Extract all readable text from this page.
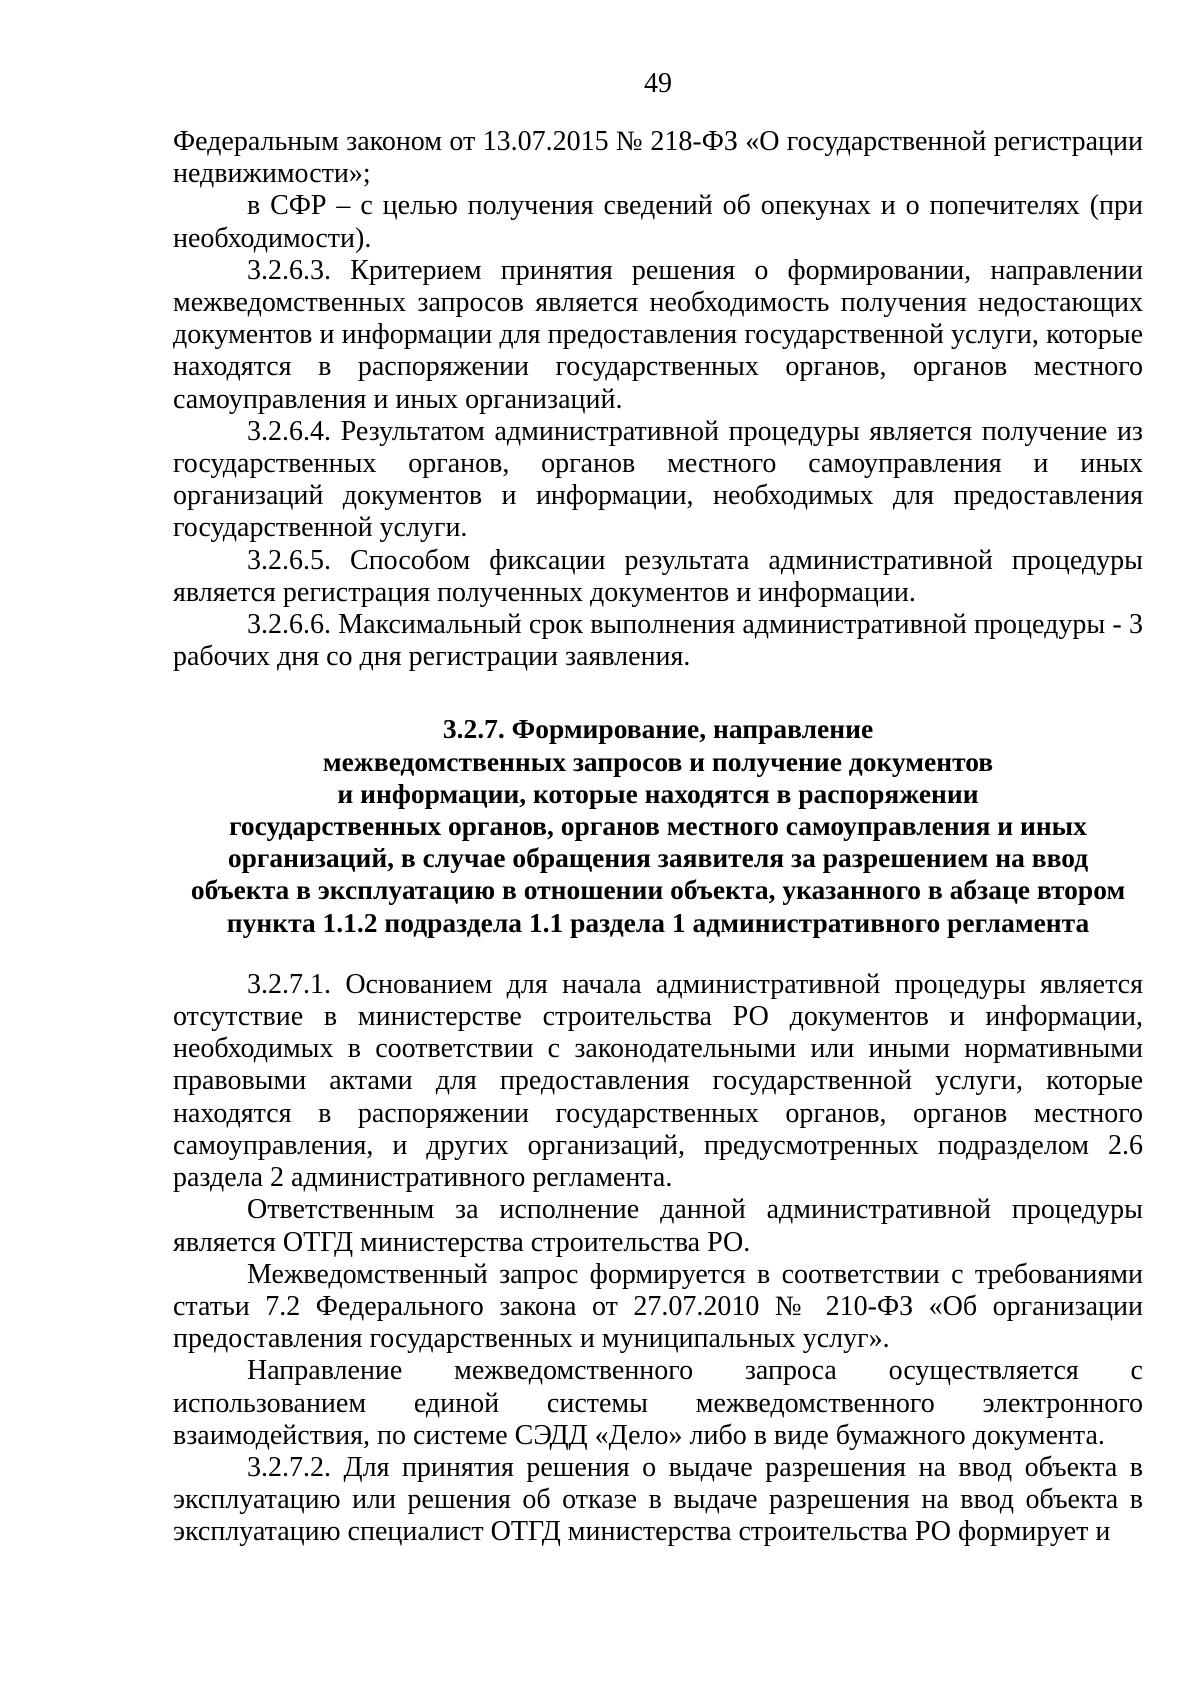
49

Федеральным законом от 13.07.2015 № 218-ФЗ «О государственной регистрации недвижимости»;

в СФР – с целью получения сведений об опекунах и о попечителях (при необходимости).

3.2.6.3. Критерием принятия решения о формировании, направлении межведомственных запросов является необходимость получения недостающих документов и информации для предоставления государственной услуги, которые находятся в распоряжении государственных органов, органов местного самоуправления и иных организаций.

3.2.6.4. Результатом административной процедуры является получение из государственных органов, органов местного самоуправления и иных организаций документов и информации, необходимых для предоставления государственной услуги.

3.2.6.5. Способом фиксации результата административной процедуры является регистрация полученных документов и информации.

3.2.6.6. Максимальный срок выполнения административной процедуры - 3 рабочих дня со дня регистрации заявления.

3.2.7. Формирование, направление
межведомственных запросов и получение документов
и информации, которые находятся в распоряжении
государственных органов, органов местного самоуправления и иных
организаций, в случае обращения заявителя за разрешением на ввод
объекта в эксплуатацию в отношении объекта, указанного в абзаце втором
пункта 1.1.2 подраздела 1.1 раздела 1 административного регламента

3.2.7.1. Основанием для начала административной процедуры является отсутствие в министерстве строительства РО документов и информации, необходимых в соответствии с законодательными или иными нормативными правовыми актами для предоставления государственной услуги, которые находятся в распоряжении государственных органов, органов местного самоуправления, и других организаций, предусмотренных подразделом 2.6 раздела 2 административного регламента.

Ответственным за исполнение данной административной процедуры является ОТГД министерства строительства РО.

Межведомственный запрос формируется в соответствии с требованиями статьи 7.2 Федерального закона от 27.07.2010 № 210-ФЗ «Об организации предоставления государственных и муниципальных услуг».

Направление межведомственного запроса осуществляется с использованием единой системы межведомственного электронного взаимодействия, по системе СЭДД «Дело» либо в виде бумажного документа.

3.2.7.2. Для принятия решения о выдаче разрешения на ввод объекта в эксплуатацию или решения об отказе в выдаче разрешения на ввод объекта в эксплуатацию специалист ОТГД министерства строительства РО формирует и
